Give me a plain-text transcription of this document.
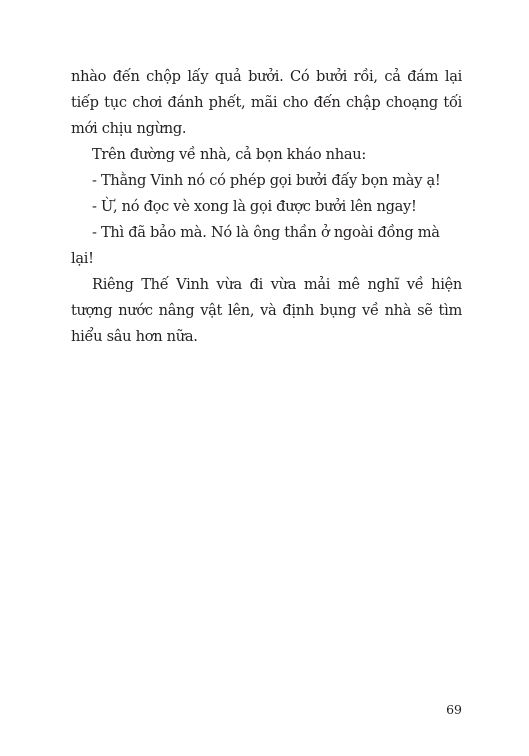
nhào đến chộp lấy quả bưởi. Có bưởi rồi, cả đám lại tiếp tục chơi đánh phết, mãi cho đến chập choạng tối mới chịu ngừng.

Trên đường về nhà, cả bọn kháo nhau:

- Thằng Vinh nó có phép gọi bưởi đấy bọn mày ạ!

- Ừ, nó đọc vè xong là gọi được bưởi lên ngay!

- Thì đã bảo mà. Nó là ông thần ở ngoài đồng mà lại!

Riêng Thế Vinh vừa đi vừa mải mê nghĩ về hiện tượng nước nâng vật lên, và định bụng về nhà sẽ tìm hiểu sâu hơn nữa.

69
